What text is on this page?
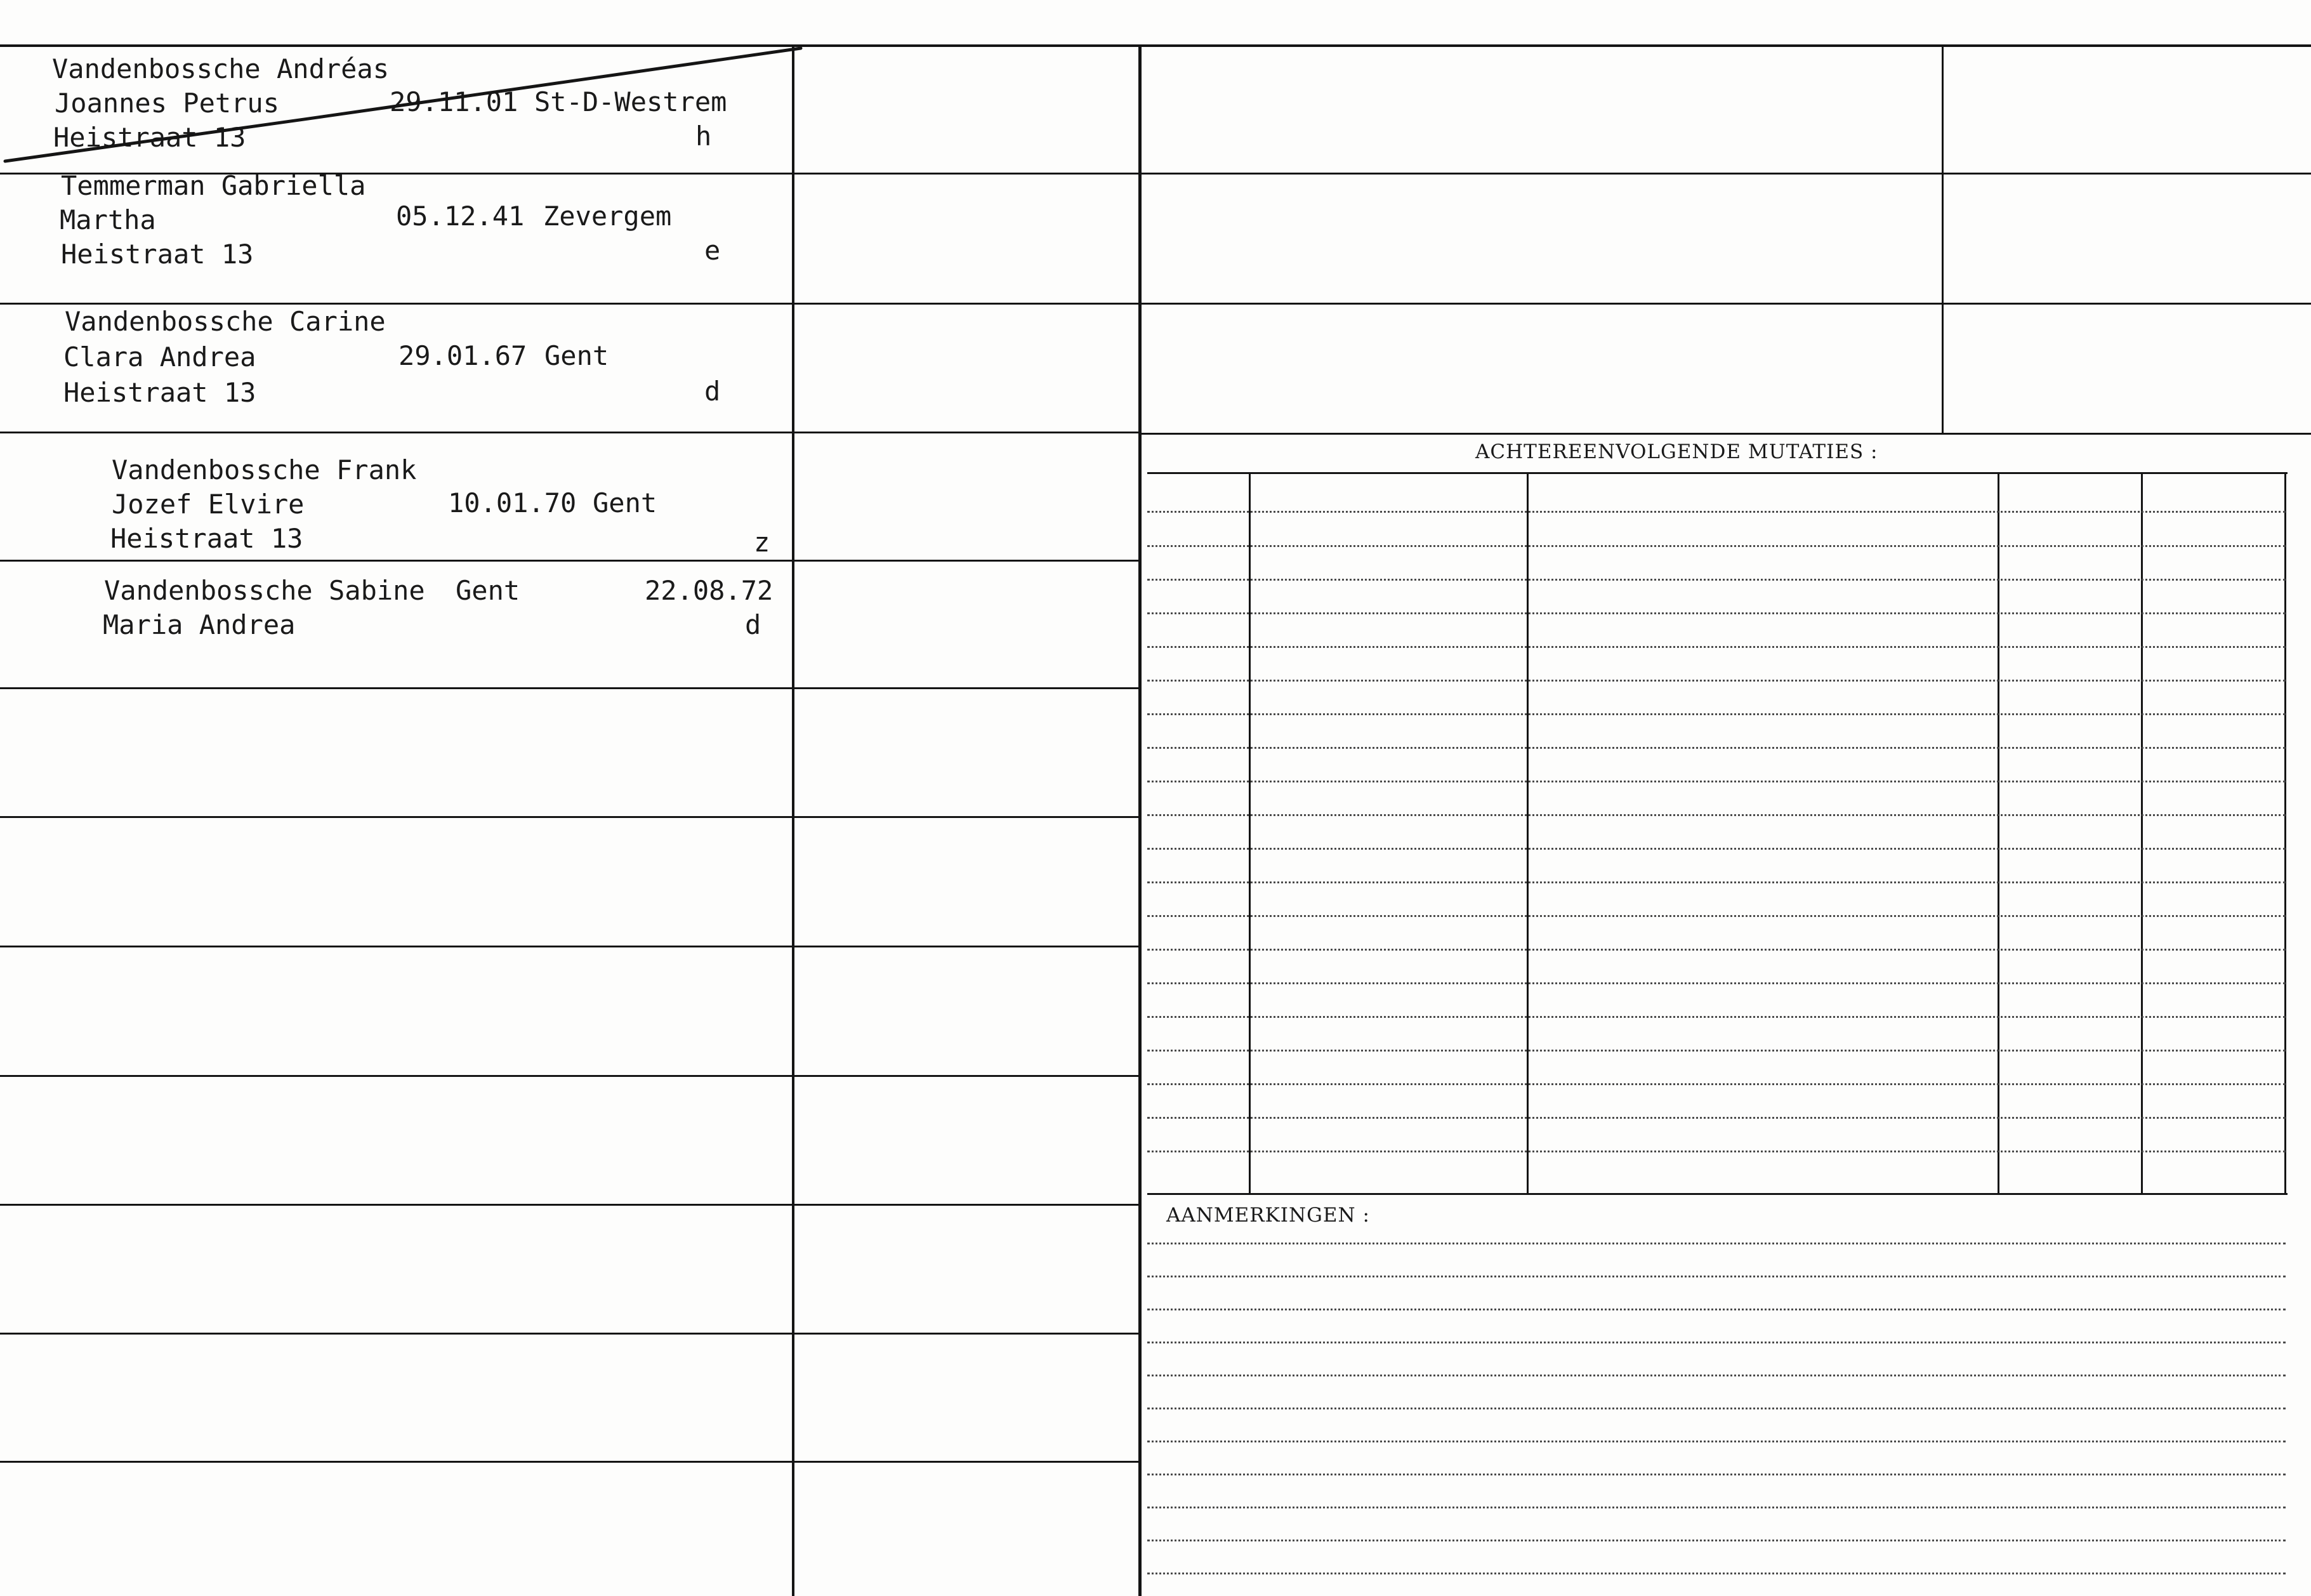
ACHTEREENVOLGENDE MUTATIES :
AANMERKINGEN :
Vandenbossche Andréas
Joannes Petrus	29.11.01 St-D-Westrem
Heistraat 13	h
Temmerman Gabriella
Martha	05.12.41 Zevergem
Heistraat 13	e
Vandenbossche Carine
Clara Andrea	29.01.67 Gent
Heistraat 13	d
Vandenbossche Frank
Jozef Elvire	10.01.70 Gent
Heistraat 13	z
Vandenbossche Sabine Gent	22.08.72
Maria Andrea	d
